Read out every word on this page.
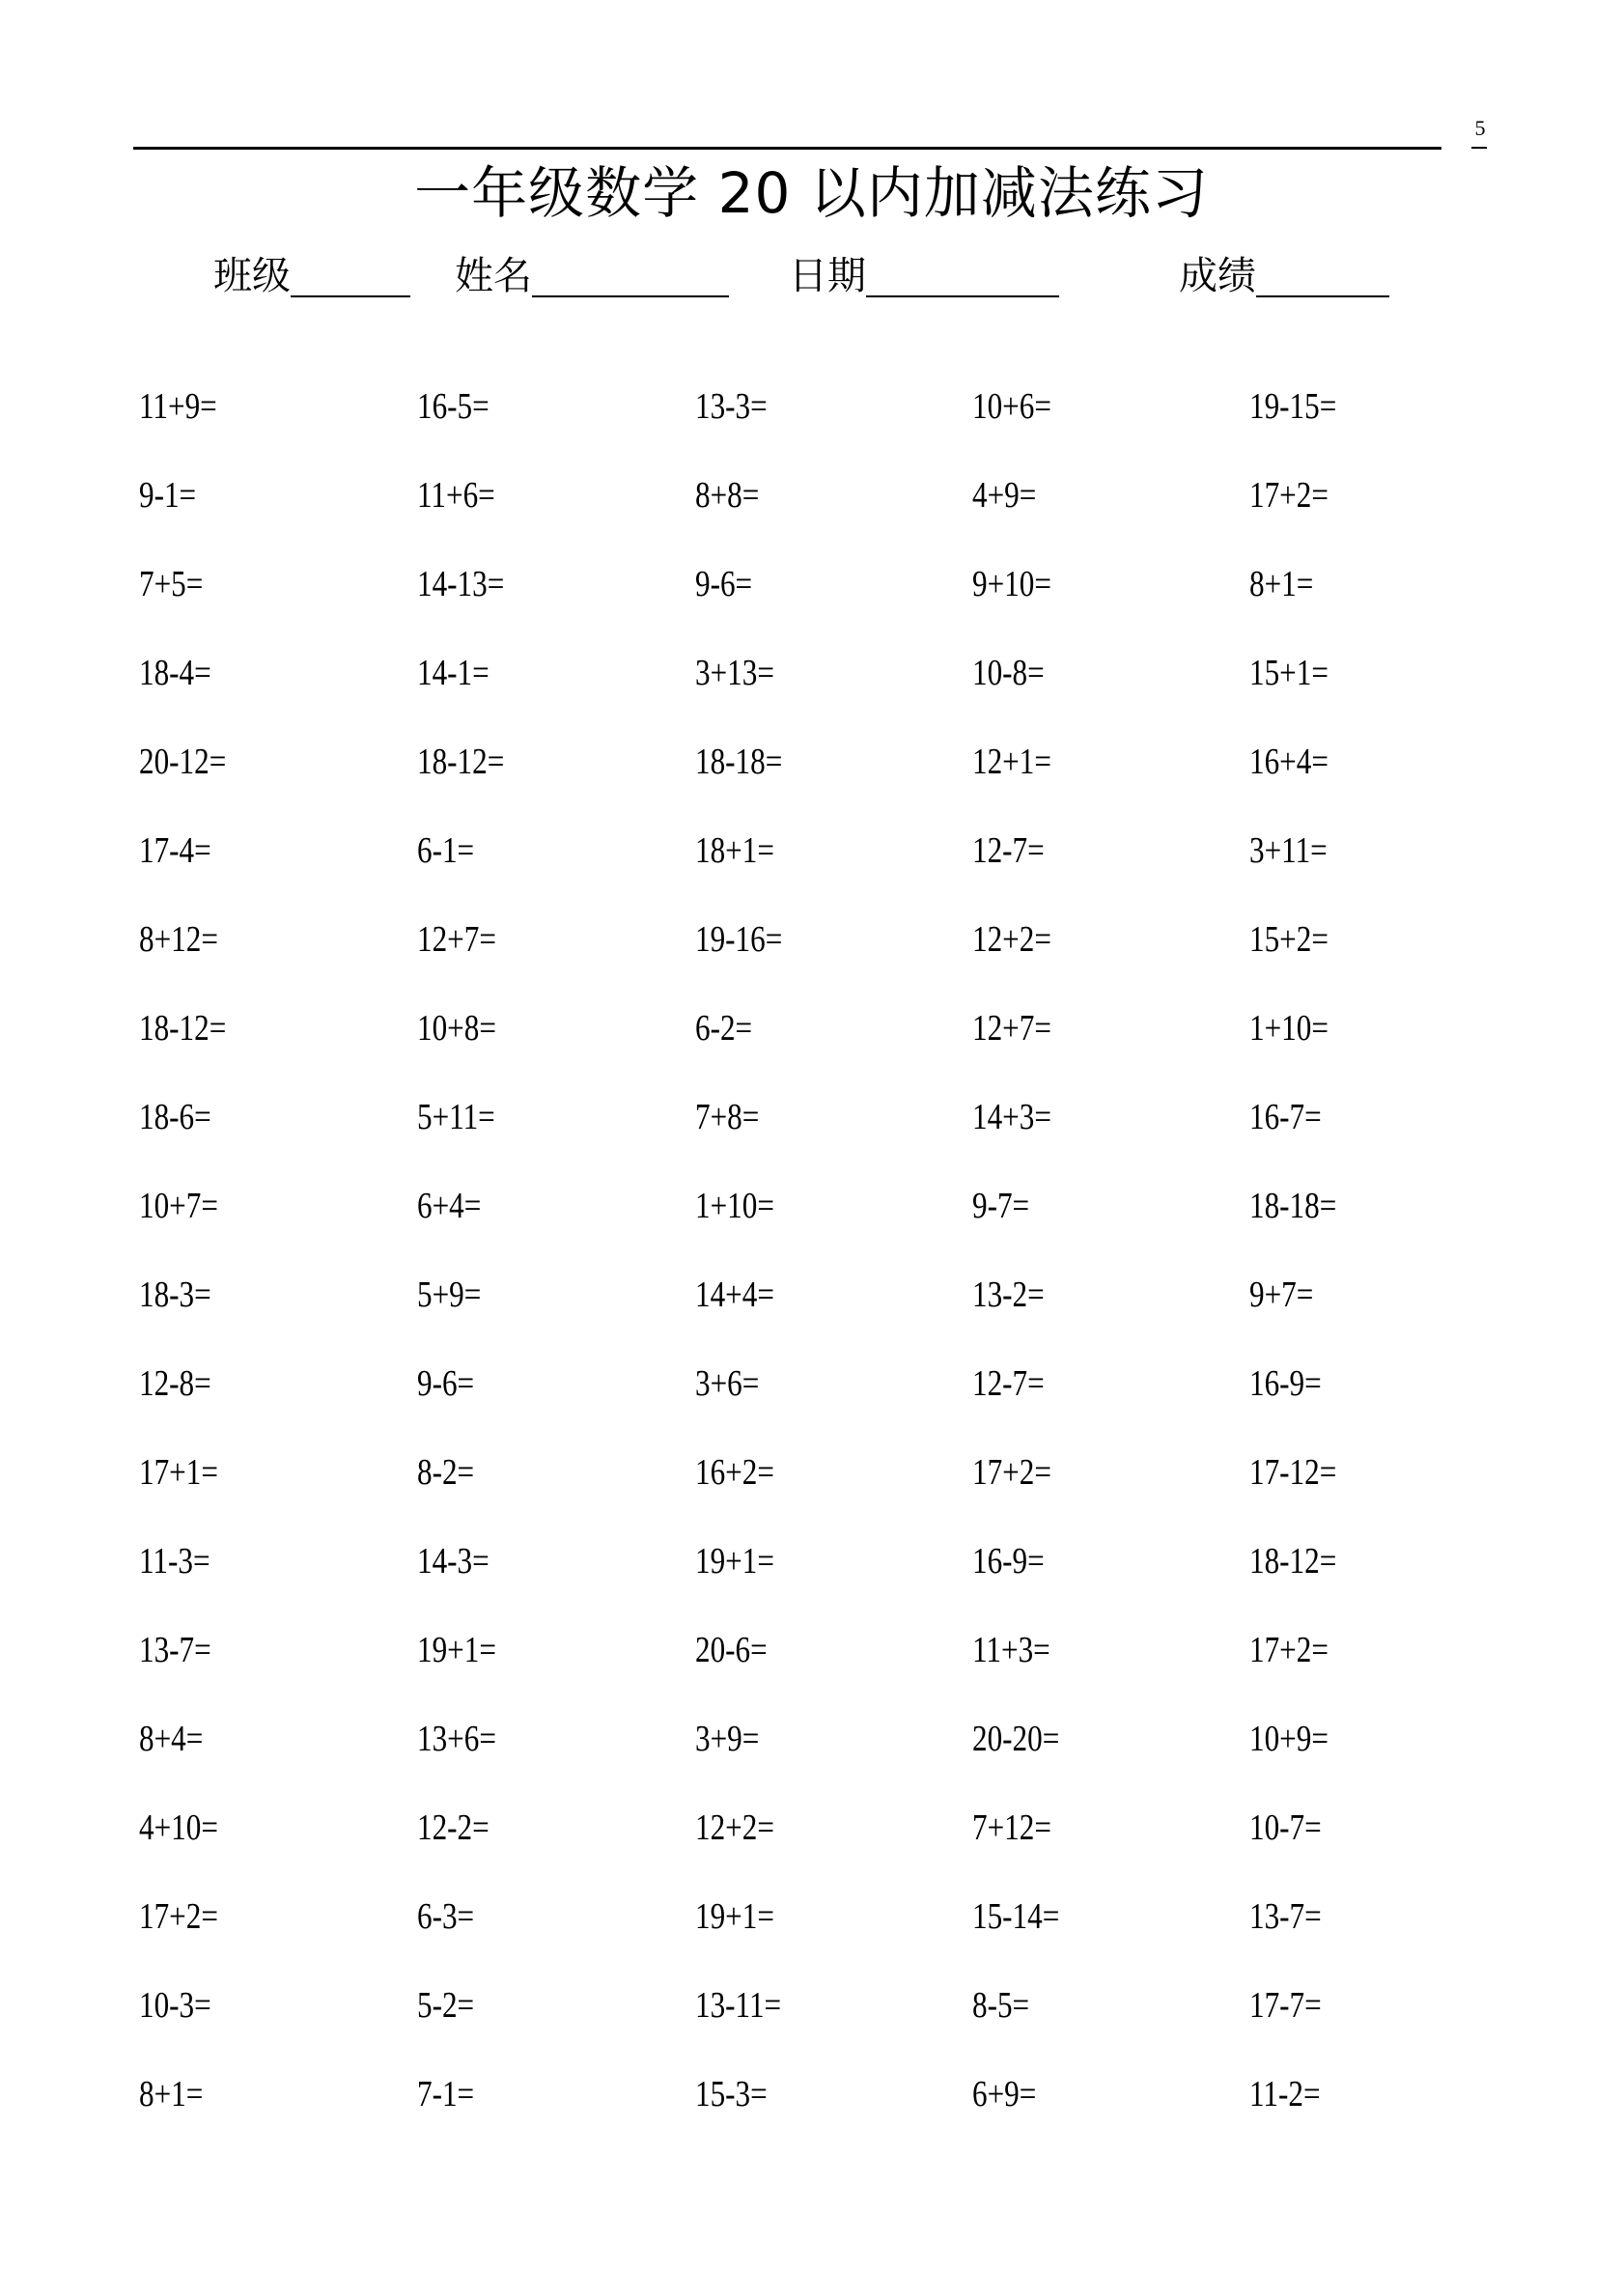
5
一年级数学 20 以内加减法练习
班级	姓名	日期	成绩
11+9=	16-5=	13-3=	10+6=	19-15=
9-1=	11+6=	8+8=	4+9=	17+2=
7+5=	14-13=	9-6=	9+10=	8+1=
18-4=	14-1=	3+13=	10-8=	15+1=
20-12=	18-12=	18-18=	12+1=	16+4=
17-4=	6-1=	18+1=	12-7=	3+11=
8+12=	12+7=	19-16=	12+2=	15+2=
18-12=	10+8=	6-2=	12+7=	1+10=
18-6=	5+11=	7+8=	14+3=	16-7=
10+7=	6+4=	1+10=	9-7=	18-18=
18-3=	5+9=	14+4=	13-2=	9+7=
12-8=	9-6=	3+6=	12-7=	16-9=
17+1=	8-2=	16+2=	17+2=	17-12=
11-3=	14-3=	19+1=	16-9=	18-12=
13-7=	19+1=	20-6=	11+3=	17+2=
8+4=	13+6=	3+9=	20-20=	10+9=
4+10=	12-2=	12+2=	7+12=	10-7=
17+2=	6-3=	19+1=	15-14=	13-7=
10-3=	5-2=	13-11=	8-5=	17-7=
8+1=	7-1=	15-3=	6+9=	11-2=
